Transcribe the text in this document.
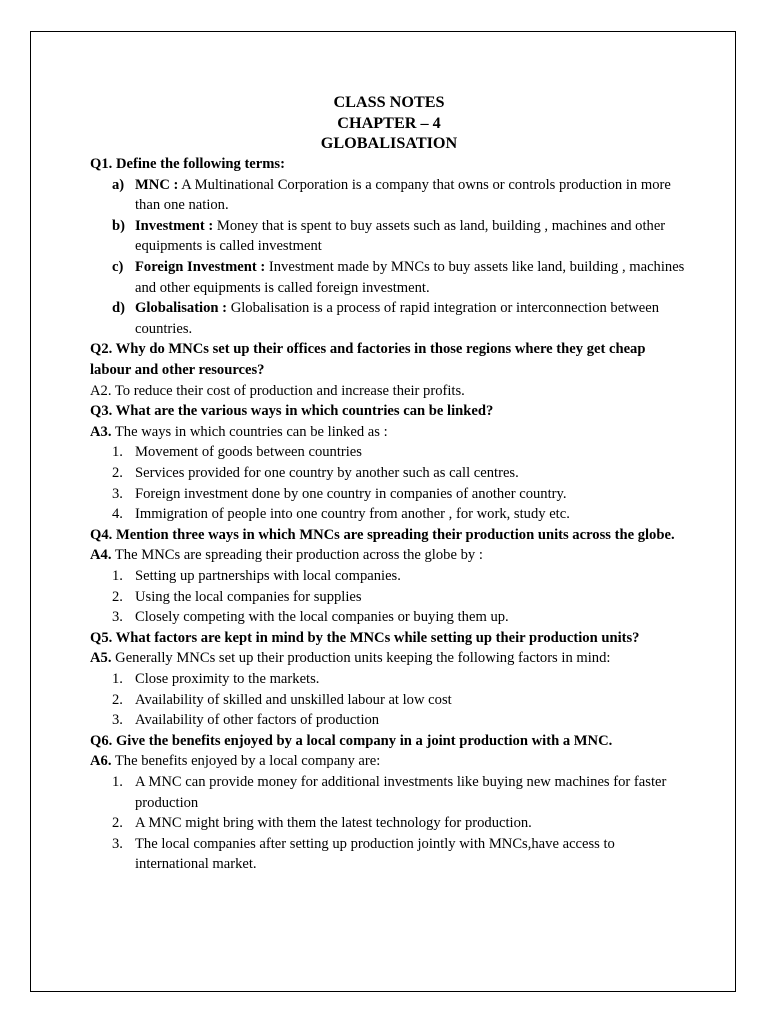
CLASS NOTES
CHAPTER – 4
GLOBALISATION
Q1. Define the following terms:
a) MNC : A Multinational Corporation is a company that owns or controls production in more than one nation.
b) Investment : Money that is spent to buy assets such as land, building , machines and other equipments is called investment
c) Foreign Investment : Investment made by MNCs to buy assets like land, building , machines and other equipments is called foreign investment.
d) Globalisation : Globalisation is a process of rapid integration or interconnection between countries.
Q2. Why do MNCs set up their offices and factories in those regions where they get cheap labour and other resources?
A2. To reduce their cost of production and increase their profits.
Q3. What are the various ways in which countries can be linked?
A3. The ways in which countries can be linked as :
1. Movement of goods between countries
2. Services provided for one country by another such as call centres.
3. Foreign investment done by one country in companies of another country.
4. Immigration of people into one country from another , for work, study etc.
Q4. Mention three ways in which MNCs are spreading their production units across the globe.
A4. The MNCs are spreading their production across the globe by :
1. Setting up partnerships with local companies.
2. Using the local companies for supplies
3. Closely competing with the local companies or buying them up.
Q5. What factors are kept in mind by the MNCs while setting up their production units?
A5. Generally MNCs set up their production units keeping the following factors in mind:
1. Close proximity to the markets.
2. Availability of skilled and unskilled labour at low cost
3. Availability of other factors of production
Q6. Give the benefits enjoyed by a local company in a joint production with a MNC.
A6. The benefits enjoyed by a local company are:
1. A MNC can provide money for additional investments like buying new machines for faster production
2. A MNC might bring with them the latest technology for production.
3. The local companies after setting up production jointly with MNCs,have access to international market.
